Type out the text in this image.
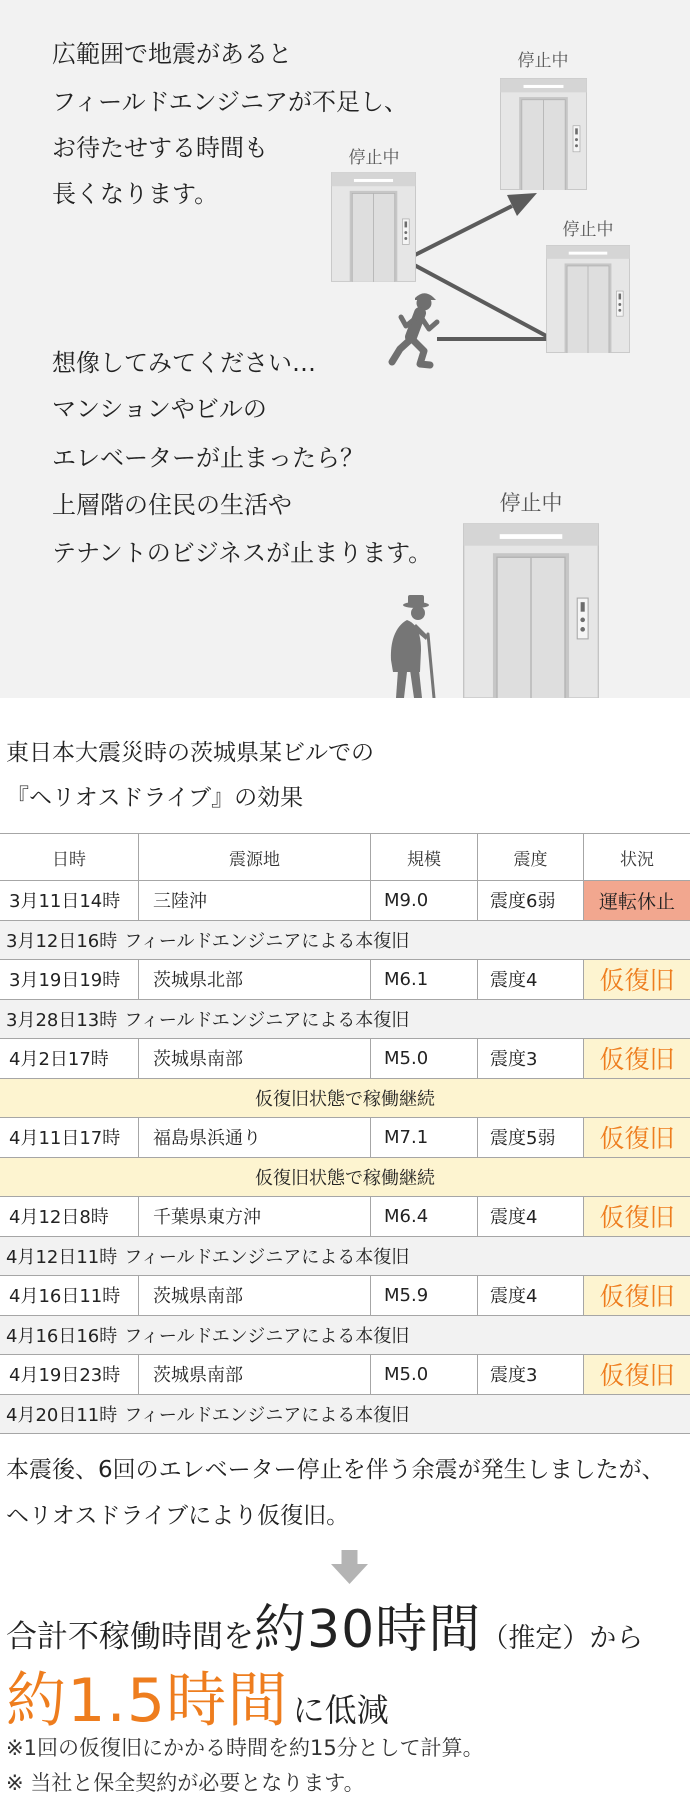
広範囲で地震があると
フィールドエンジニアが不足し、
お待たせする時間も
長くなります。
想像してみてください…
マンションやビルの
エレベーターが止まったら？
上層階の住民の生活や
テナントのビジネスが止まります。
停止中
停止中
停止中
停止中
東日本大震災時の茨城県某ビルでの
『ヘリオスドライブ』の効果
日時	震源地	規模	震度	状況
3月11日14時	三陸沖	M9.0	震度6弱	運転休止
3月12日16時 フィールドエンジニアによる本復旧
3月19日19時	茨城県北部	M6.1	震度4	仮復旧
3月28日13時 フィールドエンジニアによる本復旧
4月2日17時	茨城県南部	M5.0	震度3	仮復旧
仮復旧状態で稼働継続
4月11日17時	福島県浜通り	M7.1	震度5弱	仮復旧
仮復旧状態で稼働継続
4月12日8時	千葉県東方沖	M6.4	震度4	仮復旧
4月12日11時 フィールドエンジニアによる本復旧
4月16日11時	茨城県南部	M5.9	震度4	仮復旧
4月16日16時 フィールドエンジニアによる本復旧
4月19日23時	茨城県南部	M5.0	震度3	仮復旧
4月20日11時 フィールドエンジニアによる本復旧
本震後、6回のエレベーター停止を伴う余震が発生しましたが、
ヘリオスドライブにより仮復旧。
合計不稼働時間を 約30時間 （推定）から
約1.5時間 に低減
※1回の仮復旧にかかる時間を約15分として計算。
※ 当社と保全契約が必要となります。
